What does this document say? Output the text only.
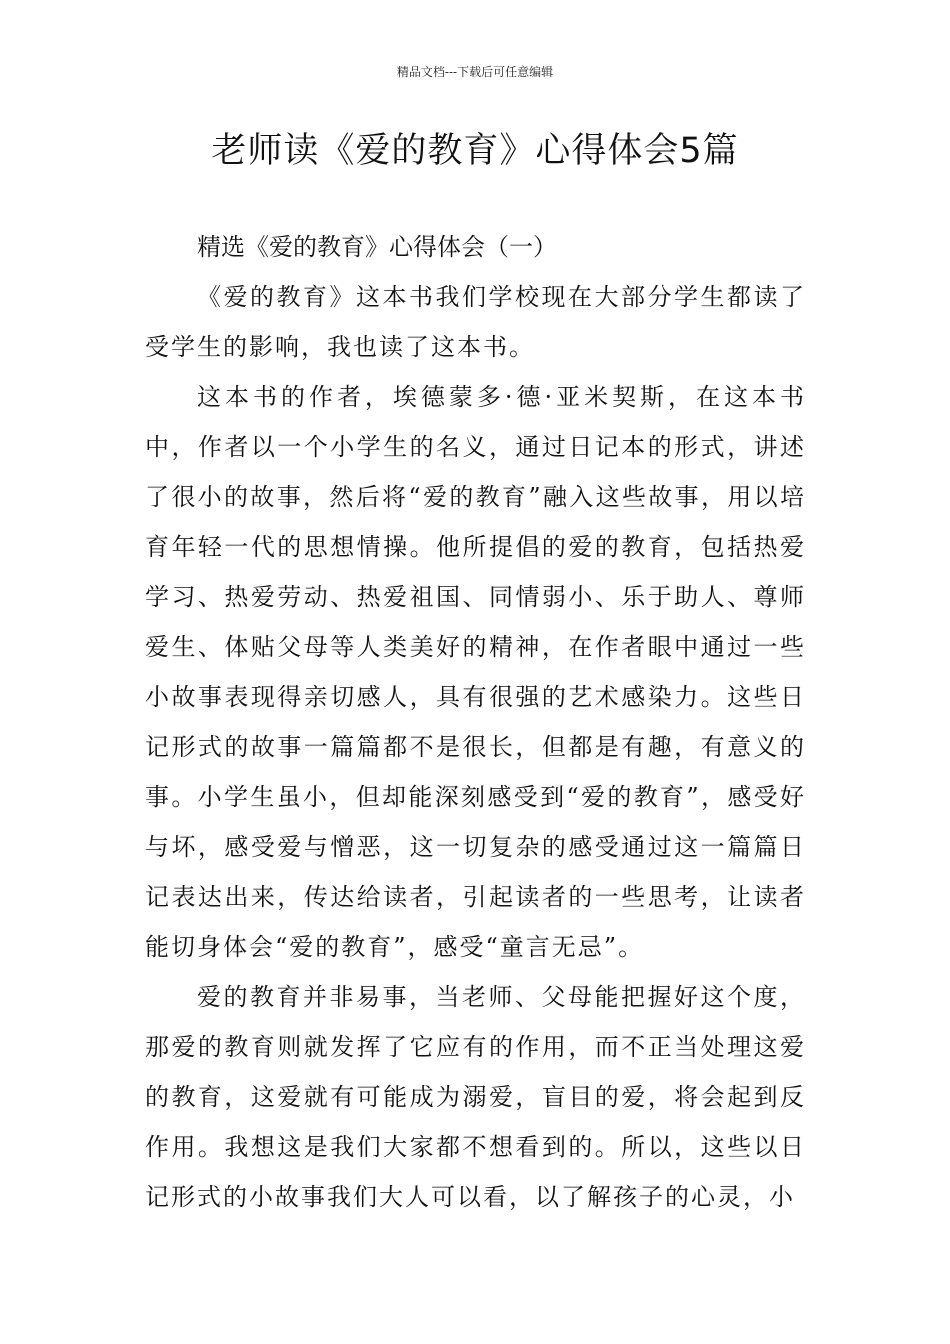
精品文档---下载后可任意编辑
老师读《爱的教育》心得体会5篇

精选《爱的教育》心得体会（一）

《爱的教育》这本书我们学校现在大部分学生都读了受学生的影响，我也读了这本书。

这本书的作者，埃德蒙多·德·亚米契斯，在这本书中，作者以一个小学生的名义，通过日记本的形式，讲述了很小的故事，然后将“爱的教育”融入这些故事，用以培育年轻一代的思想情操。他所提倡的爱的教育，包括热爱学习、热爱劳动、热爱祖国、同情弱小、乐于助人、尊师爱生、体贴父母等人类美好的精神，在作者眼中通过一些小故事表现得亲切感人，具有很强的艺术感染力。这些日记形式的故事一篇篇都不是很长，但都是有趣，有意义的事。小学生虽小，但却能深刻感受到“爱的教育”，感受好与坏，感受爱与憎恶，这一切复杂的感受通过这一篇篇日记表达出来，传达给读者，引起读者的一些思考，让读者能切身体会“爱的教育”，感受“童言无忌”。

爱的教育并非易事，当老师、父母能把握好这个度，那爱的教育则就发挥了它应有的作用，而不正当处理这爱的教育，这爱就有可能成为溺爱，盲目的爱，将会起到反作用。我想这是我们大家都不想看到的。所以，这些以日记形式的小故事我们大人可以看，以了解孩子的心灵，小
